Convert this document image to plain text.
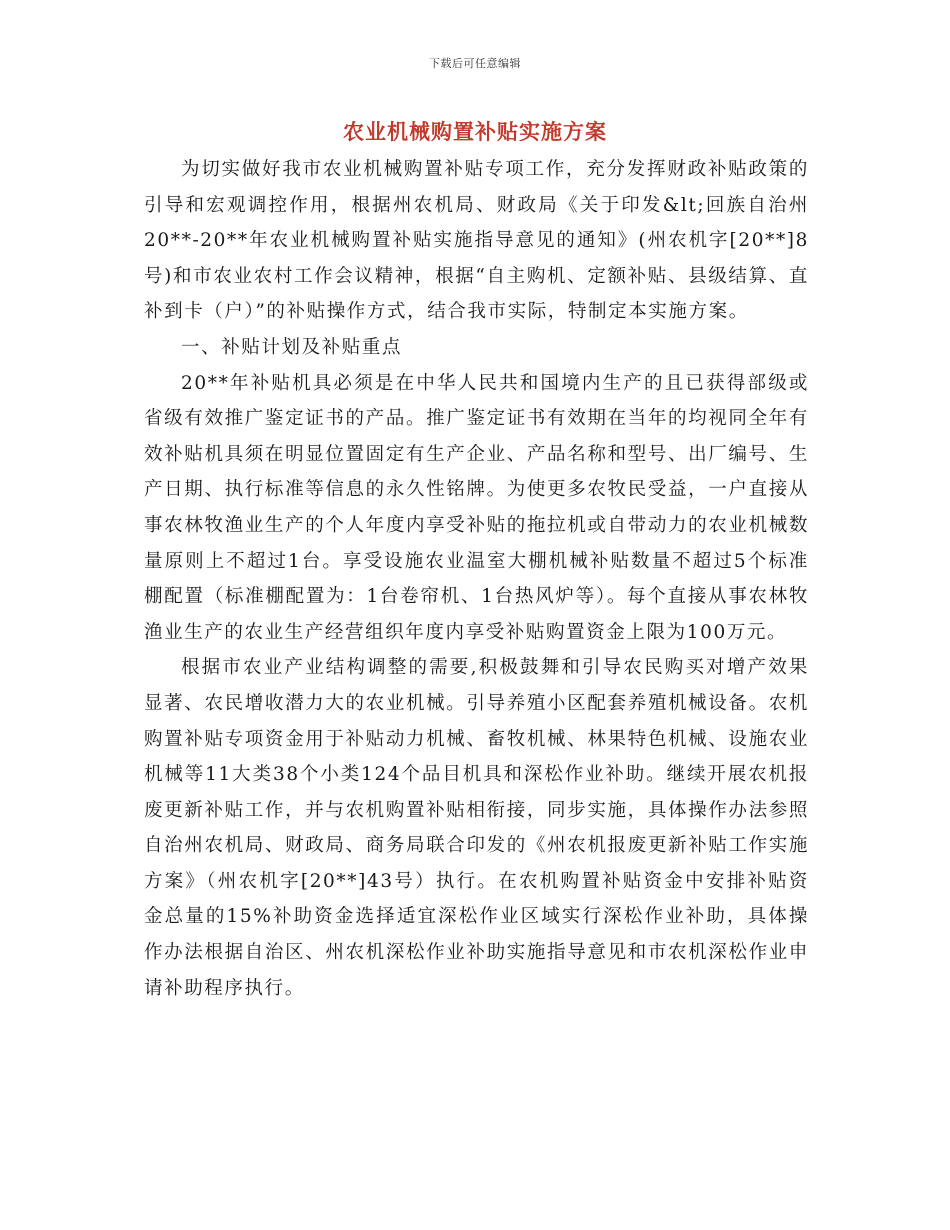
下载后可任意编辑
农业机械购置补贴实施方案

为切实做好我市农业机械购置补贴专项工作，充分发挥财政补贴政策的引导和宏观调控作用，根据州农机局、财政局《关于印发&lt;回族自治州20**-20**年农业机械购置补贴实施指导意见的通知》(州农机字[20**]8号)和市农业农村工作会议精神，根据“自主购机、定额补贴、县级结算、直补到卡（户）”的补贴操作方式，结合我市实际，特制定本实施方案。

一、补贴计划及补贴重点

20**年补贴机具必须是在中华人民共和国境内生产的且已获得部级或省级有效推广鉴定证书的产品。推广鉴定证书有效期在当年的均视同全年有效补贴机具须在明显位置固定有生产企业、产品名称和型号、出厂编号、生产日期、执行标准等信息的永久性铭牌。为使更多农牧民受益，一户直接从事农林牧渔业生产的个人年度内享受补贴的拖拉机或自带动力的农业机械数量原则上不超过1台。享受设施农业温室大棚机械补贴数量不超过5个标准棚配置（标准棚配置为：1台卷帘机、1台热风炉等）。每个直接从事农林牧渔业生产的农业生产经营组织年度内享受补贴购置资金上限为100万元。

根据市农业产业结构调整的需要,积极鼓舞和引导农民购买对增产效果显著、农民增收潜力大的农业机械。引导养殖小区配套养殖机械设备。农机购置补贴专项资金用于补贴动力机械、畜牧机械、林果特色机械、设施农业机械等11大类38个小类124个品目机具和深松作业补助。继续开展农机报废更新补贴工作，并与农机购置补贴相衔接，同步实施，具体操作办法参照自治州农机局、财政局、商务局联合印发的《州农机报废更新补贴工作实施方案》（州农机字[20**]43号）执行。在农机购置补贴资金中安排补贴资金总量的15%补助资金选择适宜深松作业区域实行深松作业补助，具体操作办法根据自治区、州农机深松作业补助实施指导意见和市农机深松作业申请补助程序执行。
